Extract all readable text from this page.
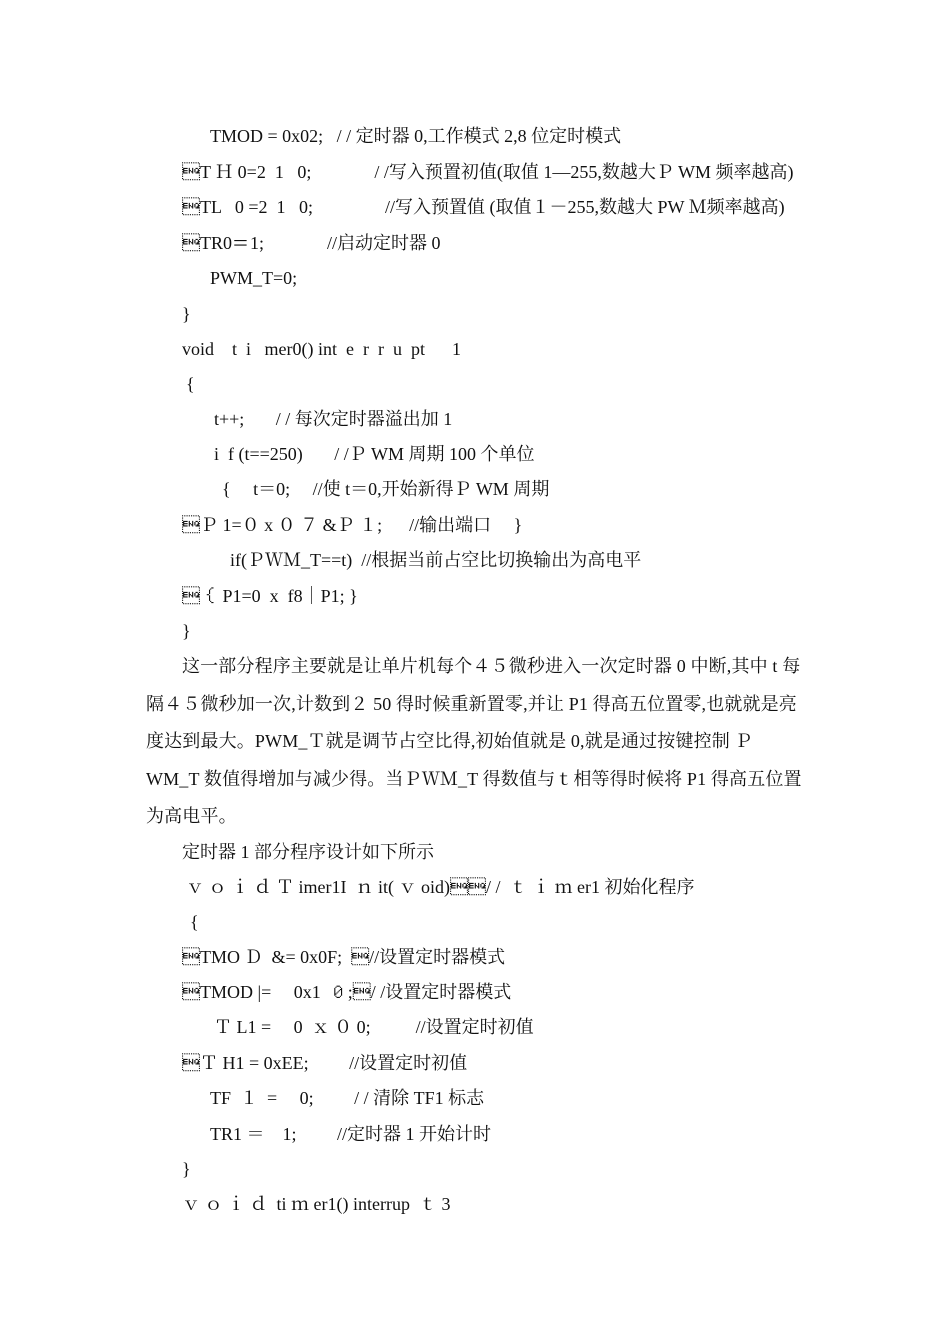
TMOD = 0x02;   / / 定时器 0,工作模式 2,8 位定时模式
T Ｈ 0=2  1   0;              / /写入预置初值(取值 1—255,数越大Ｐ WM 频率越高)
TL   0 =2  1   0;                //写入预置值 (取值１－255,数越大 PW Ｍ频率越高)
TR0＝1;              //启动定时器 0
PWM_T=0;
}
void    t  i   mer0() int  e  r  r  u  pt      1
{
t++;       / / 每次定时器溢出加 1
i  f (t==250)       / /Ｐ WM 周期 100 个单位
{     t＝0;     //使 t＝0,开始新得Ｐ WM 周期
Ｐ 1=０ x ０ ７ &Ｐ １;      //输出端口     }
if(ＰＷＭ_T==t)  //根据当前占空比切换输出为高电平
｛ P1=0  x  f8｜P1; }
}
这一部分程序主要就是让单片机每个４５微秒进入一次定时器 0 中断,其中 t 每隔４５微秒加一次,计数到２ 50 得时候重新置零,并让 P1 得高五位置零,也就就是亮度达到最大。PWM_Ｔ就是调节占空比得,初始值就是 0,就是通过按键控制 Ｐ WM_T 数值得增加与减少得。当ＰＷＭ_T 得数值与ｔ相等得时候将 P1 得高五位置为高电平。
定时器 1 部分程序设计如下所示
ｖ ｏ ｉ ｄ Ｔ imer1I  ｎ it( ｖ oid)/ /  ｔ ｉ ｍ er1 初始化程序
{
TMO Ｄ  &= 0x0F;  //设置定时器模式
TMOD |=     0x1  ０;/ /设置定时器模式
Ｔ L1 =     0  ｘ ０ 0;          //设置定时初值
Ｔ H1 = 0xEE;         //设置定时初值
TF  １  =     0;         / / 清除 TF1 标志
TR1 ＝    1;         //定时器 1 开始计时
}
ｖ ｏ ｉ ｄ  ti ｍ er1() interrup  ｔ 3
